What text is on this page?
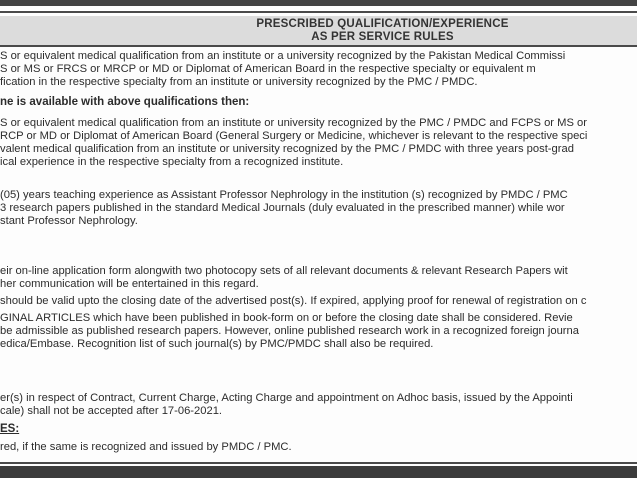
PRESCRIBED QUALIFICATION/EXPERIENCE
AS PER SERVICE RULES
S or equivalent medical qualification from an institute or a university recognized by the Pakistan Medical Commissi
S or MS or FRCS or MRCP or MD or Diplomat of American Board in the respective specialty or equivalent m
fication in the respective specialty from an institute or university recognized by the PMC / PMDC.
ne is available with above qualifications then:
S or equivalent medical qualification from an institute or university recognized by the PMC / PMDC and FCPS or MS or
RCP or MD or Diplomat of American Board (General Surgery or Medicine, whichever is relevant to the respective speci
valent medical qualification from an institute or university recognized by the PMC / PMDC with three years post-grad
ical experience in the respective specialty from a recognized institute.
(05) years teaching experience as Assistant Professor Nephrology in the institution (s) recognized by PMDC / PMC
3 research papers published in the standard Medical Journals (duly evaluated in the prescribed manner) while wor
stant Professor Nephrology.
eir on-line application form alongwith two photocopy sets of all relevant documents & relevant Research Papers wit
her communication will be entertained in this regard.
should be valid upto the closing date of the advertised post(s). If expired, applying proof for renewal of registration on c
GINAL ARTICLES which have been published in book-form on or before the closing date shall be considered. Revie
be admissible as published research papers. However, online published research work in a recognized foreign journa
edica/Embase. Recognition list of such journal(s) by PMC/PMDC shall also be required.
er(s) in respect of Contract, Current Charge, Acting Charge and appointment on Adhoc basis, issued by the Appointi
cale) shall not be accepted after 17-06-2021.
ES:
red, if the same is recognized and issued by PMDC / PMC.
